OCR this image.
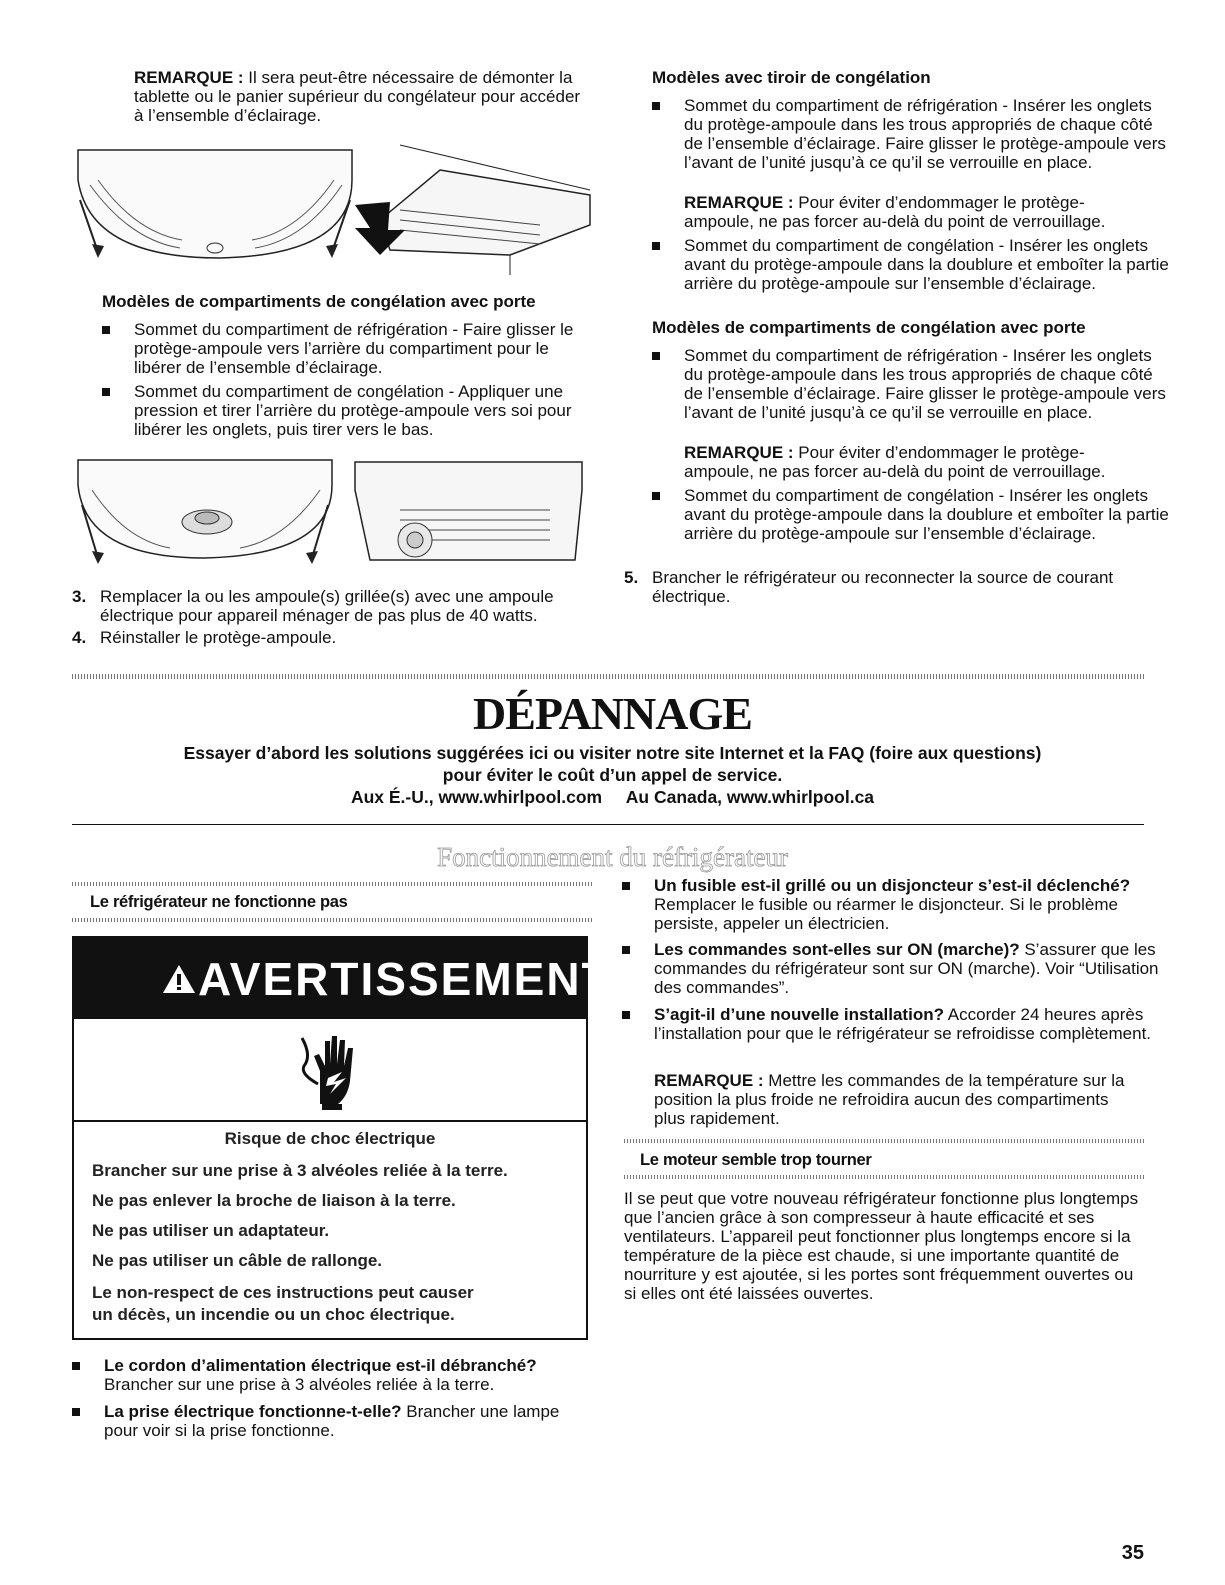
REMARQUE : Il sera peut-être nécessaire de démonter la tablette ou le panier supérieur du congélateur pour accéder à l’ensemble d’éclairage.

Modèles de compartiments de congélation avec porte

Sommet du compartiment de réfrigération - Faire glisser le protège-ampoule vers l’arrière du compartiment pour le libérer de l’ensemble d’éclairage.
Sommet du compartiment de congélation - Appliquer une pression et tirer l’arrière du protège-ampoule vers soi pour libérer les onglets, puis tirer vers le bas.
3. Remplacer la ou les ampoule(s) grillée(s) avec une ampoule électrique pour appareil ménager de pas plus de 40 watts.
4. Réinstaller le protège-ampoule.

Modèles avec tiroir de congélation

Sommet du compartiment de réfrigération - Insérer les onglets du protège-ampoule dans les trous appropriés de chaque côté de l’ensemble d’éclairage. Faire glisser le protège-ampoule vers l’avant de l’unité jusqu’à ce qu’il se verrouille en place.

REMARQUE : Pour éviter d’endommager le protège-ampoule, ne pas forcer au-delà du point de verrouillage.

Sommet du compartiment de congélation - Insérer les onglets avant du protège-ampoule dans la doublure et emboîter la partie arrière du protège-ampoule sur l’ensemble d’éclairage.

Modèles de compartiments de congélation avec porte

Sommet du compartiment de réfrigération - Insérer les onglets du protège-ampoule dans les trous appropriés de chaque côté de l’ensemble d’éclairage. Faire glisser le protège-ampoule vers l’avant de l’unité jusqu’à ce qu’il se verrouille en place.

REMARQUE : Pour éviter d’endommager le protège-ampoule, ne pas forcer au-delà du point de verrouillage.

Sommet du compartiment de congélation - Insérer les onglets avant du protège-ampoule dans la doublure et emboîter la partie arrière du protège-ampoule sur l’ensemble d’éclairage.
5. Brancher le réfrigérateur ou reconnecter la source de courant électrique.
DÉPANNAGE
Essayer d’abord les solutions suggérées ici ou visiter notre site Internet et la FAQ (foire aux questions)
pour éviter le coût d’un appel de service.
Aux É.-U., www.whirlpool.com     Au Canada, www.whirlpool.ca
Fonctionnement du réfrigérateur

Le réfrigérateur ne fonctionne pas

AVERTISSEMENT
Risque de choc électrique
Brancher sur une prise à 3 alvéoles reliée à la terre.
Ne pas enlever la broche de liaison à la terre.
Ne pas utiliser un adaptateur.
Ne pas utiliser un câble de rallonge.
Le non-respect de ces instructions peut causer
un décès, un incendie ou un choc électrique.
Le cordon d’alimentation électrique est-il débranché? Brancher sur une prise à 3 alvéoles reliée à la terre.
La prise électrique fonctionne-t-elle? Brancher une lampe pour voir si la prise fonctionne.
Un fusible est-il grillé ou un disjoncteur s’est-il déclenché? Remplacer le fusible ou réarmer le disjoncteur. Si le problème persiste, appeler un électricien.
Les commandes sont-elles sur ON (marche)? S’assurer que les commandes du réfrigérateur sont sur ON (marche). Voir “Utilisation des commandes”.
S’agit-il d’une nouvelle installation? Accorder 24 heures après l’installation pour que le réfrigérateur se refroidisse complètement.

REMARQUE : Mettre les commandes de la température sur la position la plus froide ne refroidira aucun des compartiments plus rapidement.

Le moteur semble trop tourner

Il se peut que votre nouveau réfrigérateur fonctionne plus longtemps que l’ancien grâce à son compresseur à haute efficacité et ses ventilateurs. L’appareil peut fonctionner plus longtemps encore si la température de la pièce est chaude, si une importante quantité de nourriture y est ajoutée, si les portes sont fréquemment ouvertes ou si elles ont été laissées ouvertes.

35
